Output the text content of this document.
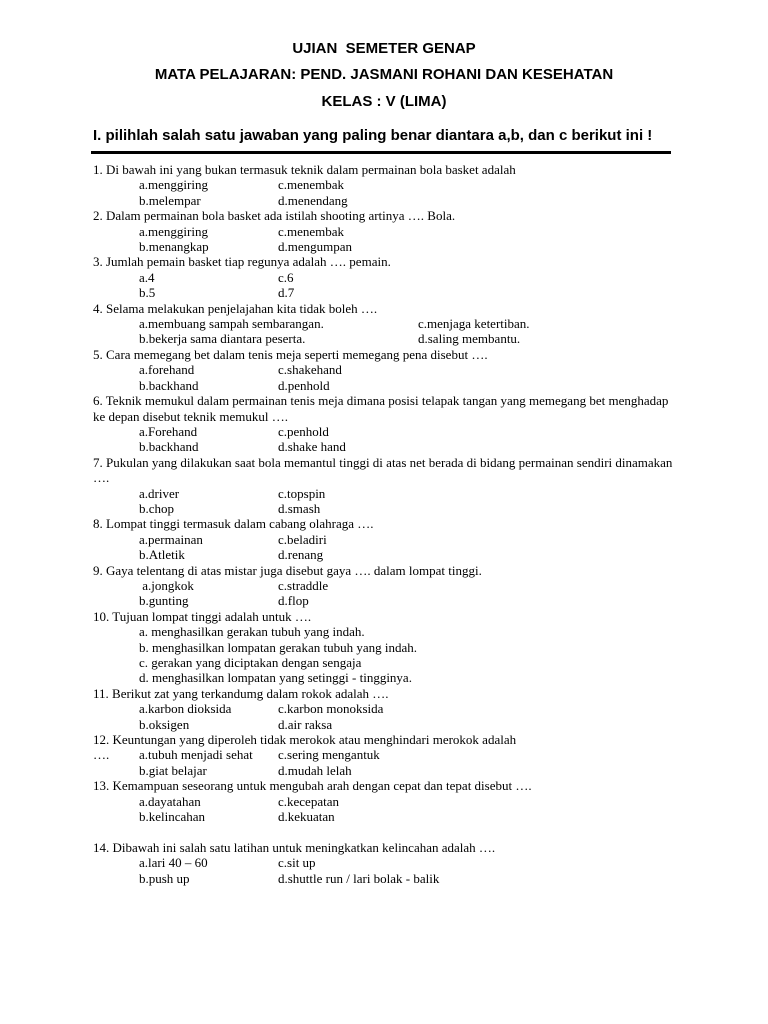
UJIAN  SEMETER GENAP
MATA PELAJARAN: PEND. JASMANI ROHANI DAN KESEHATAN
KELAS : V (LIMA)
I. pilihlah salah satu jawaban yang paling benar diantara a,b, dan c berikut ini !
1. Di bawah ini yang bukan termasuk teknik dalam permainan bola basket adalah
a.menggiring	c.menembak
b.melempar	d.menendang
2. Dalam permainan bola basket ada istilah shooting artinya …. Bola.
a.menggiring	c.menembak
b.menangkap	d.mengumpan
3. Jumlah pemain basket tiap regunya adalah …. pemain.
a.4	c.6
b.5	d.7
4. Selama melakukan penjelajahan kita tidak boleh ….
a.membuang sampah sembarangan.	c.menjaga ketertiban.
b.bekerja sama diantara peserta.	d.saling membantu.
5. Cara memegang bet dalam tenis meja seperti memegang pena disebut ….
a.forehand	c.shakehand
b.backhand	d.penhold
6. Teknik memukul dalam permainan tenis meja dimana posisi telapak tangan yang memegang bet menghadap ke depan disebut teknik memukul ….
a.Forehand	c.penhold
b.backhand	d.shake hand
7. Pukulan yang dilakukan saat bola memantul tinggi di atas net berada di bidang permainan sendiri dinamakan ….
a.driver	c.topspin
b.chop	d.smash
8. Lompat tinggi termasuk dalam cabang olahraga ….
a.permainan	c.beladiri
b.Atletik	d.renang
9. Gaya telentang di atas mistar juga disebut gaya …. dalam lompat tinggi.
a.jongkok	c.straddle
b.gunting	d.flop
10. Tujuan lompat tinggi adalah untuk ….
a. menghasilkan gerakan tubuh yang indah.
b. menghasilkan lompatan gerakan tubuh yang indah.
c. gerakan yang diciptakan dengan sengaja
d. menghasilkan lompatan yang setinggi - tingginya.
11. Berikut zat yang terkandumg dalam rokok adalah ….
a.karbon dioksida	c.karbon monoksida
b.oksigen	d.air raksa
12. Keuntungan yang diperoleh tidak merokok atau menghindari merokok adalah
….	a.tubuh menjadi sehat	c.sering mengantuk
b.giat belajar	d.mudah lelah
13. Kemampuan seseorang untuk mengubah arah dengan cepat dan tepat disebut ….
a.dayatahan	c.kecepatan
b.kelincahan	d.kekuatan
14. Dibawah ini salah satu latihan untuk meningkatkan kelincahan adalah ….
a.lari 40 – 60	c.sit up
b.push up	d.shuttle run / lari bolak - balik
